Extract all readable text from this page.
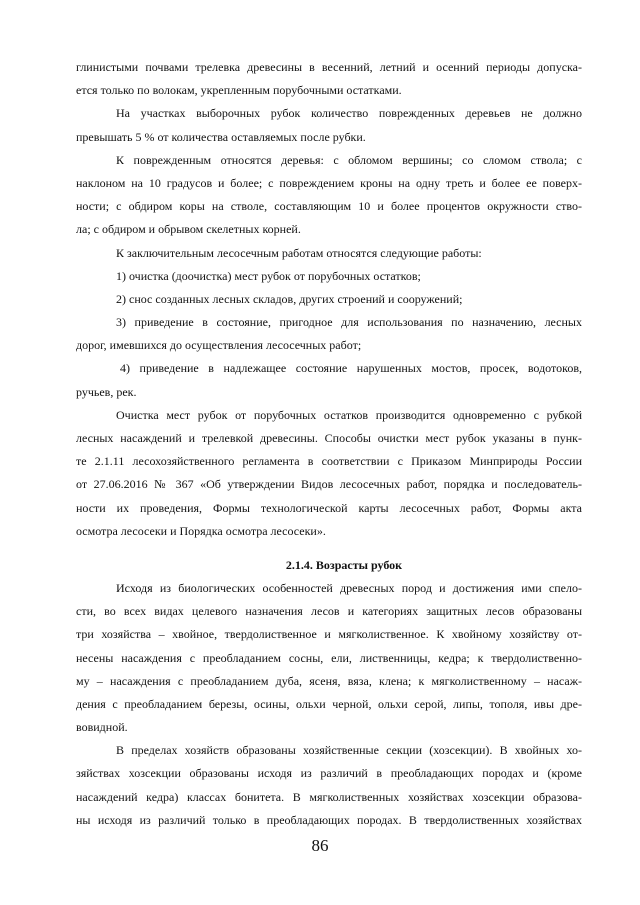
глинистыми почвами трелевка древесины в весенний, летний и осенний периоды допуска-
ется только по волокам, укрепленным порубочными остатками.
На участках выборочных рубок количество поврежденных деревьев не должно
превышать 5 % от количества оставляемых после рубки.
К поврежденным относятся деревья: с обломом вершины; со сломом ствола; с
наклоном на 10 градусов и более; с повреждением кроны на одну треть и более ее поверх-
ности; с обдиром коры на стволе, составляющим 10 и более процентов окружности ство-
ла; с обдиром и обрывом скелетных корней.
К заключительным лесосечным работам относятся следующие работы:
1) очистка (доочистка) мест рубок от порубочных остатков;
2) снос созданных лесных складов, других строений и сооружений;
3) приведение в состояние, пригодное для использования по назначению, лесных
дорог, имевшихся до осуществления лесосечных работ;
4) приведение в надлежащее состояние нарушенных мостов, просек, водотоков,
ручьев, рек.
Очистка мест рубок от порубочных остатков производится одновременно с рубкой
лесных насаждений и трелевкой древесины. Способы очистки мест рубок указаны в пунк-
те 2.1.11 лесохозяйственного регламента в соответствии с Приказом Минприроды России
от 27.06.2016 № 367 «Об утверждении Видов лесосечных работ, порядка и последователь-
ности их проведения, Формы технологической карты лесосечных работ, Формы акта
осмотра лесосеки и Порядка осмотра лесосеки».
2.1.4. Возрасты рубок
Исходя из биологических особенностей древесных пород и достижения ими спело-
сти, во всех видах целевого назначения лесов и категориях защитных лесов образованы
три хозяйства – хвойное, твердолиственное и мягколиственное. К хвойному хозяйству от-
несены насаждения с преобладанием сосны, ели, лиственницы, кедра; к твердолиственно-
му – насаждения с преобладанием дуба, ясеня, вяза, клена; к мягколиственному – насаж-
дения с преобладанием березы, осины, ольхи черной, ольхи серой, липы, тополя, ивы дре-
вовидной.
В пределах хозяйств образованы хозяйственные секции (хозсекции). В хвойных хо-
зяйствах хозсекции образованы исходя из различий в преобладающих породах и (кроме
насаждений кедра) классах бонитета. В мягколиственных хозяйствах хозсекции образова-
ны исходя из различий только в преобладающих породах. В твердолиственных хозяйствах
86
